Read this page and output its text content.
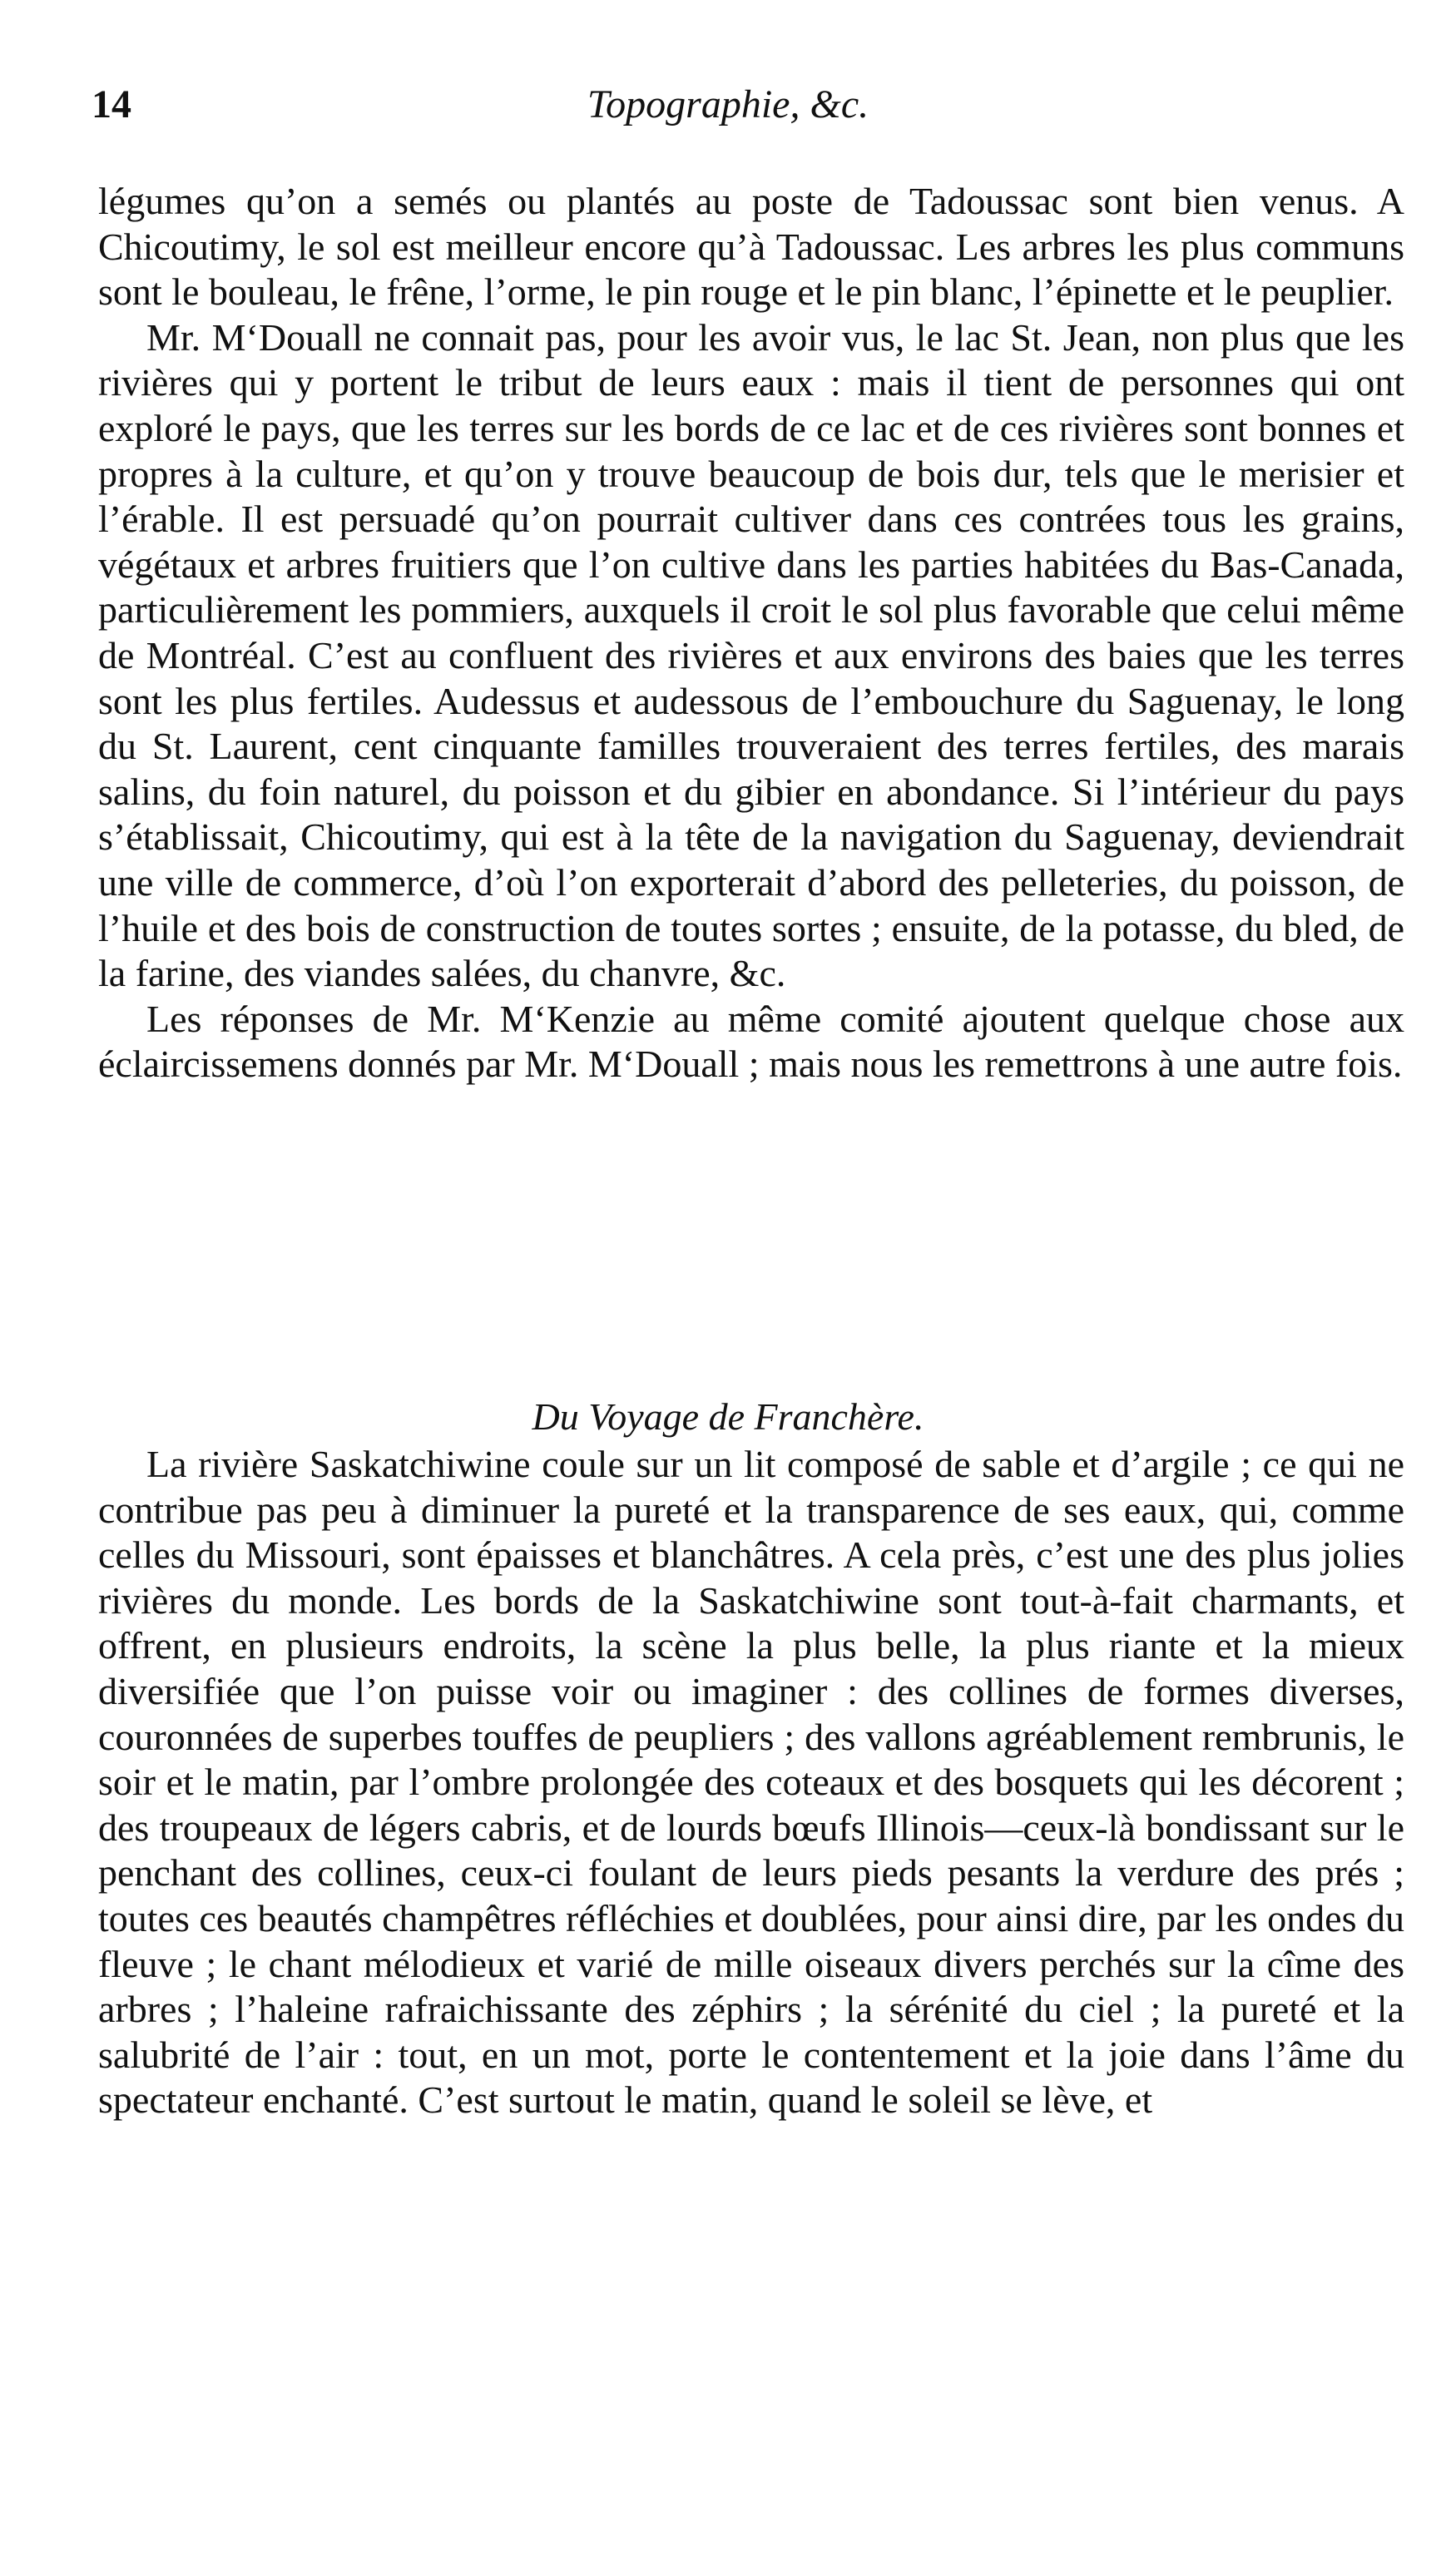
14	Topographie, &c.

légumes qu’on a semés ou plantés au poste de Tadoussac sont bien venus. A Chicoutimy, le sol est meilleur encore qu’à Tadoussac. Les arbres les plus communs sont le bouleau, le frêne, l’orme, le pin rouge et le pin blanc, l’épinette et le peuplier.

Mr. M‘Douall ne connait pas, pour les avoir vus, le lac St. Jean, non plus que les rivières qui y portent le tribut de leurs eaux : mais il tient de personnes qui ont exploré le pays, que les terres sur les bords de ce lac et de ces rivières sont bonnes et propres à la culture, et qu’on y trouve beaucoup de bois dur, tels que le merisier et l’érable. Il est persuadé qu’on pourrait cultiver dans ces contrées tous les grains, végétaux et arbres fruitiers que l’on cultive dans les parties habitées du Bas-Canada, particulièrement les pommiers, auxquels il croit le sol plus favorable que celui même de Montréal. C’est au confluent des rivières et aux environs des baies que les terres sont les plus fertiles. Audessus et audessous de l’embouchure du Saguenay, le long du St. Laurent, cent cinquante familles trouveraient des terres fertiles, des marais salins, du foin naturel, du poisson et du gibier en abondance. Si l’intérieur du pays s’établissait, Chicoutimy, qui est à la tête de la navigation du Saguenay, deviendrait une ville de commerce, d’où l’on exporterait d’abord des pelleteries, du poisson, de l’huile et des bois de construction de toutes sortes ; ensuite, de la potasse, du bled, de la farine, des viandes salées, du chanvre, &c.

Les réponses de Mr. M‘Kenzie au même comité ajoutent quelque chose aux éclaircissemens donnés par Mr. M‘Douall ; mais nous les remettrons à une autre fois.

Du Voyage de Franchère.

La rivière Saskatchiwine coule sur un lit composé de sable et d’argile ; ce qui ne contribue pas peu à diminuer la pureté et la transparence de ses eaux, qui, comme celles du Missouri, sont épaisses et blanchâtres. A cela près, c’est une des plus jolies rivières du monde. Les bords de la Saskatchiwine sont tout-à-fait charmants, et offrent, en plusieurs endroits, la scène la plus belle, la plus riante et la mieux diversifiée que l’on puisse voir ou imaginer : des collines de formes diverses, couronnées de superbes touffes de peupliers ; des vallons agréablement rembrunis, le soir et le matin, par l’ombre prolongée des coteaux et des bosquets qui les décorent ; des troupeaux de légers cabris, et de lourds bœufs Illinois—ceux-là bondissant sur le penchant des collines, ceux-ci foulant de leurs pieds pesants la verdure des prés ; toutes ces beautés champêtres réfléchies et doublées, pour ainsi dire, par les ondes du fleuve ; le chant mélodieux et varié de mille oiseaux divers perchés sur la cîme des arbres ; l’haleine rafraichissante des zéphirs ; la sérénité du ciel ; la pureté et la salubrité de l’air : tout, en un mot, porte le contentement et la joie dans l’âme du spectateur enchanté. C’est surtout le matin, quand le soleil se lève, et
